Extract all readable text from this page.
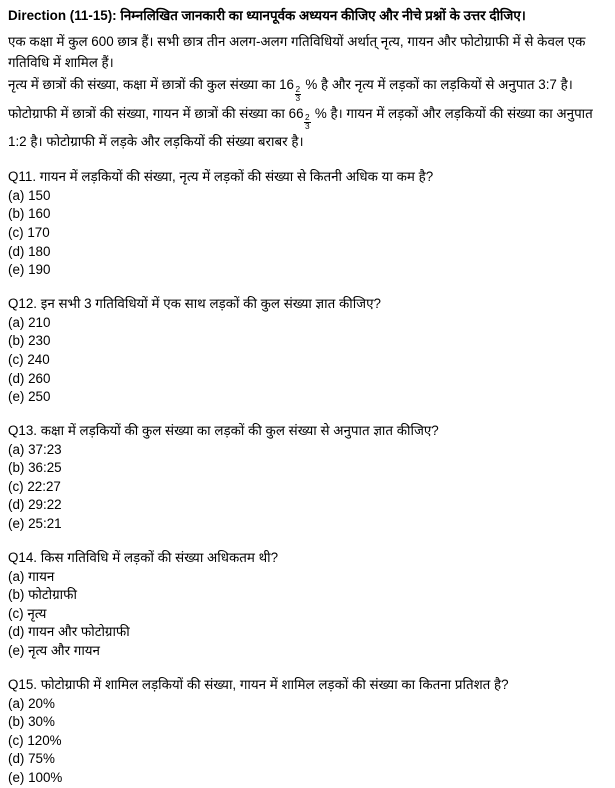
Direction (11-15): निम्नलिखित जानकारी का ध्यानपूर्वक अध्ययन कीजिए और नीचे प्रश्नों के उत्तर दीजिए।

एक कक्षा में कुल 600 छात्र हैं। सभी छात्र तीन अलग-अलग गतिविधियों अर्थात् नृत्य, गायन और फोटोग्राफी में से केवल एक गतिविधि में शामिल हैं।

नृत्य में छात्रों की संख्या, कक्षा में छात्रों की कुल संख्या का 16
$\frac{2}{3}$
% है और नृत्य में लड़कों का लड़कियों से अनुपात 3:7 है। फोटोग्राफी में छात्रों की संख्या, गायन में छात्रों की संख्या का 66
$\frac{2}{3}$
% है। गायन में लड़कों और लड़कियों की संख्या का अनुपात 1:2 है। फोटोग्राफी में लड़के और लड़कियों की संख्या बराबर है।

Q11. गायन में लड़कियों की संख्या, नृत्य में लड़कों की संख्या से कितनी अधिक या कम है?
(a) 150
(b) 160
(c) 170
(d) 180
(e) 190
Q12. इन सभी 3 गतिविधियों में एक साथ लड़कों की कुल संख्या ज्ञात कीजिए?
(a) 210
(b) 230
(c) 240
(d) 260
(e) 250
Q13. कक्षा में लड़कियों की कुल संख्या का लड़कों की कुल संख्या से अनुपात ज्ञात कीजिए?
(a) 37:23
(b) 36:25
(c) 22:27
(d) 29:22
(e) 25:21
Q14. किस गतिविधि में लड़कों की संख्या अधिकतम थी?
(a) गायन
(b) फोटोग्राफी
(c) नृत्य
(d) गायन और फोटोग्राफी
(e) नृत्य और गायन
Q15. फोटोग्राफी में शामिल लड़कियों की संख्या, गायन में शामिल लड़कों की संख्या का कितना प्रतिशत है?
(a) 20%
(b) 30%
(c) 120%
(d) 75%
(e) 100%
